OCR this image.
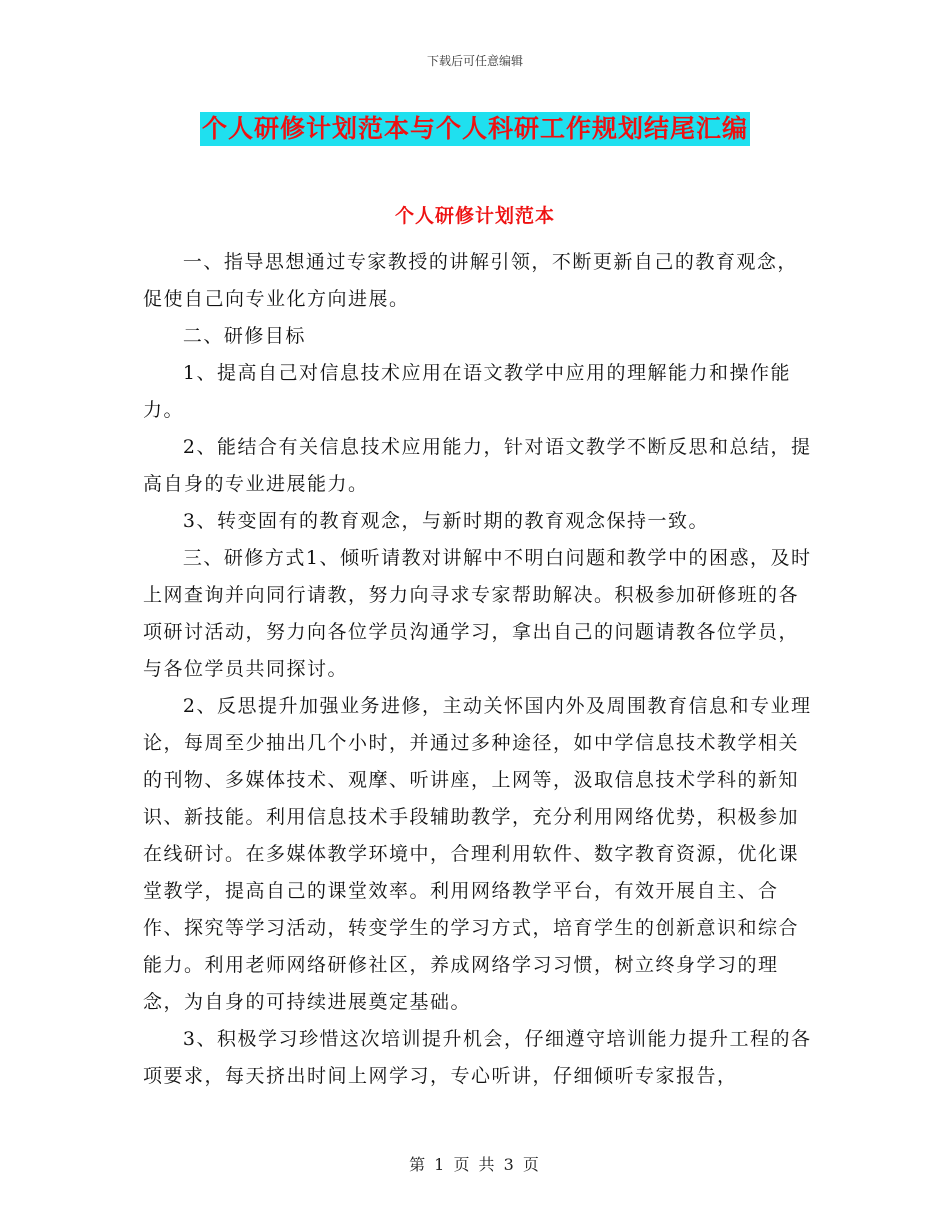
下载后可任意编辑
个人研修计划范本与个人科研工作规划结尾汇编
个人研修计划范本

一、指导思想通过专家教授的讲解引领，不断更新自己的教育观念，促使自己向专业化方向进展。

二、研修目标

1、提高自己对信息技术应用在语文教学中应用的理解能力和操作能力。

2、能结合有关信息技术应用能力，针对语文教学不断反思和总结，提高自身的专业进展能力。

3、转变固有的教育观念，与新时期的教育观念保持一致。

三、研修方式1、倾听请教对讲解中不明白问题和教学中的困惑，及时上网查询并向同行请教，努力向寻求专家帮助解决。积极参加研修班的各项研讨活动，努力向各位学员沟通学习，拿出自己的问题请教各位学员，与各位学员共同探讨。

2、反思提升加强业务进修，主动关怀国内外及周围教育信息和专业理论，每周至少抽出几个小时，并通过多种途径，如中学信息技术教学相关的刊物、多媒体技术、观摩、听讲座，上网等，汲取信息技术学科的新知识、新技能。利用信息技术手段辅助教学，充分利用网络优势，积极参加在线研讨。在多媒体教学环境中，合理利用软件、数字教育资源，优化课堂教学，提高自己的课堂效率。利用网络教学平台，有效开展自主、合作、探究等学习活动，转变学生的学习方式，培育学生的创新意识和综合能力。利用老师网络研修社区，养成网络学习习惯，树立终身学习的理念，为自身的可持续进展奠定基础。

3、积极学习珍惜这次培训提升机会，仔细遵守培训能力提升工程的各项要求，每天挤出时间上网学习，专心听讲，仔细倾听专家报告，

第 1 页 共 3 页
